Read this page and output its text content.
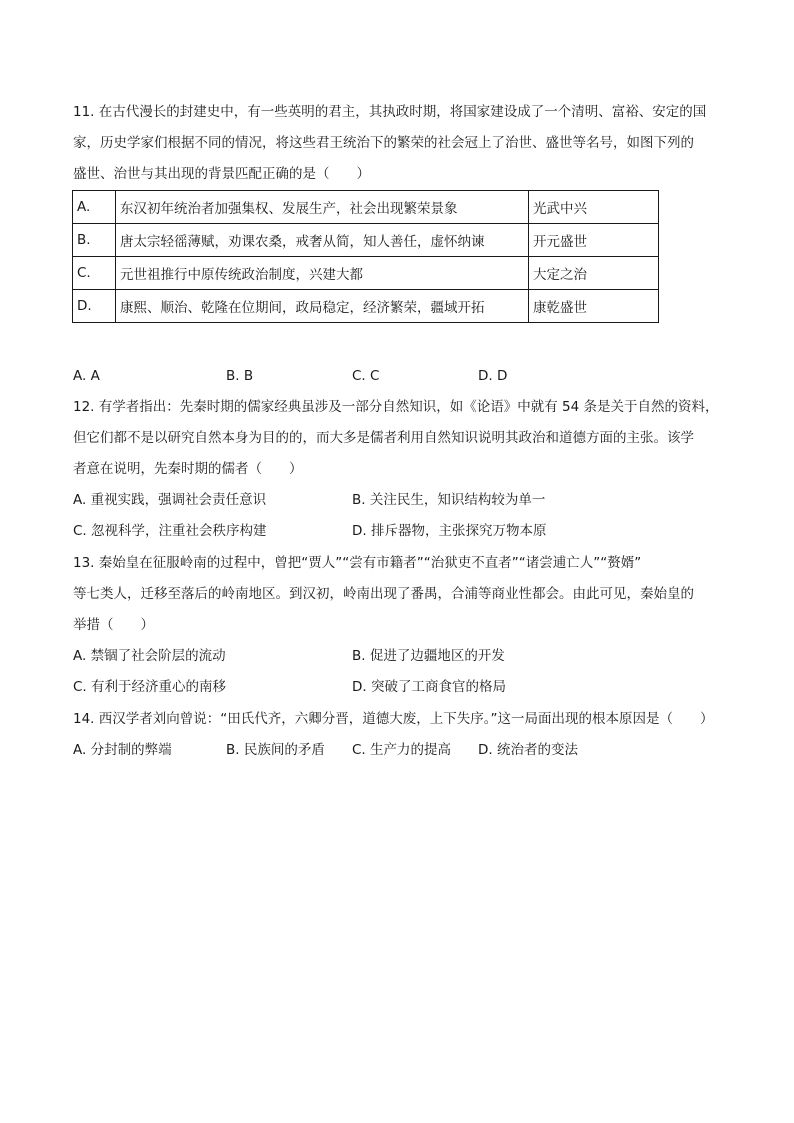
11. 在古代漫长的封建史中，有一些英明的君主，其执政时期，将国家建设成了一个清明、富裕、安定的国
家，历史学家们根据不同的情况，将这些君王统治下的繁荣的社会冠上了治世、盛世等名号，如图下列的
盛世、治世与其出现的背景匹配正确的是（　　）
A.	东汉初年统治者加强集权、发展生产，社会出现繁荣景象	光武中兴
B.	唐太宗轻徭薄赋，劝课农桑，戒奢从简，知人善任，虚怀纳谏	开元盛世
C.	元世祖推行中原传统政治制度，兴建大都	大定之治
D.	康熙、顺治、乾隆在位期间，政局稳定，经济繁荣，疆域开拓	康乾盛世
A. A	B. B	C. C	D. D
12. 有学者指出：先秦时期的儒家经典虽涉及一部分自然知识，如《论语》中就有 54 条是关于自然的资料，
但它们都不是以研究自然本身为目的的，而大多是儒者利用自然知识说明其政治和道德方面的主张。该学
者意在说明，先秦时期的儒者（　　）
A. 重视实践，强调社会责任意识	B. 关注民生，知识结构较为单一
C. 忽视科学，注重社会秩序构建	D. 排斥器物，主张探究万物本原
13. 秦始皇在征服岭南的过程中，曾把“贾人”“尝有市籍者”“治狱吏不直者”“诸尝逋亡人”“赘婿”
等七类人，迁移至落后的岭南地区。到汉初，岭南出现了番禺，合浦等商业性都会。由此可见，秦始皇的
举措（　　）
A. 禁锢了社会阶层的流动	B. 促进了边疆地区的开发
C. 有利于经济重心的南移	D. 突破了工商食官的格局
14. 西汉学者刘向曾说：“田氏代齐，六卿分晋，道德大废，上下失序。”这一局面出现的根本原因是（　　）
A. 分封制的弊端	B. 民族间的矛盾 C. 生产力的提高 D. 统治者的变法
